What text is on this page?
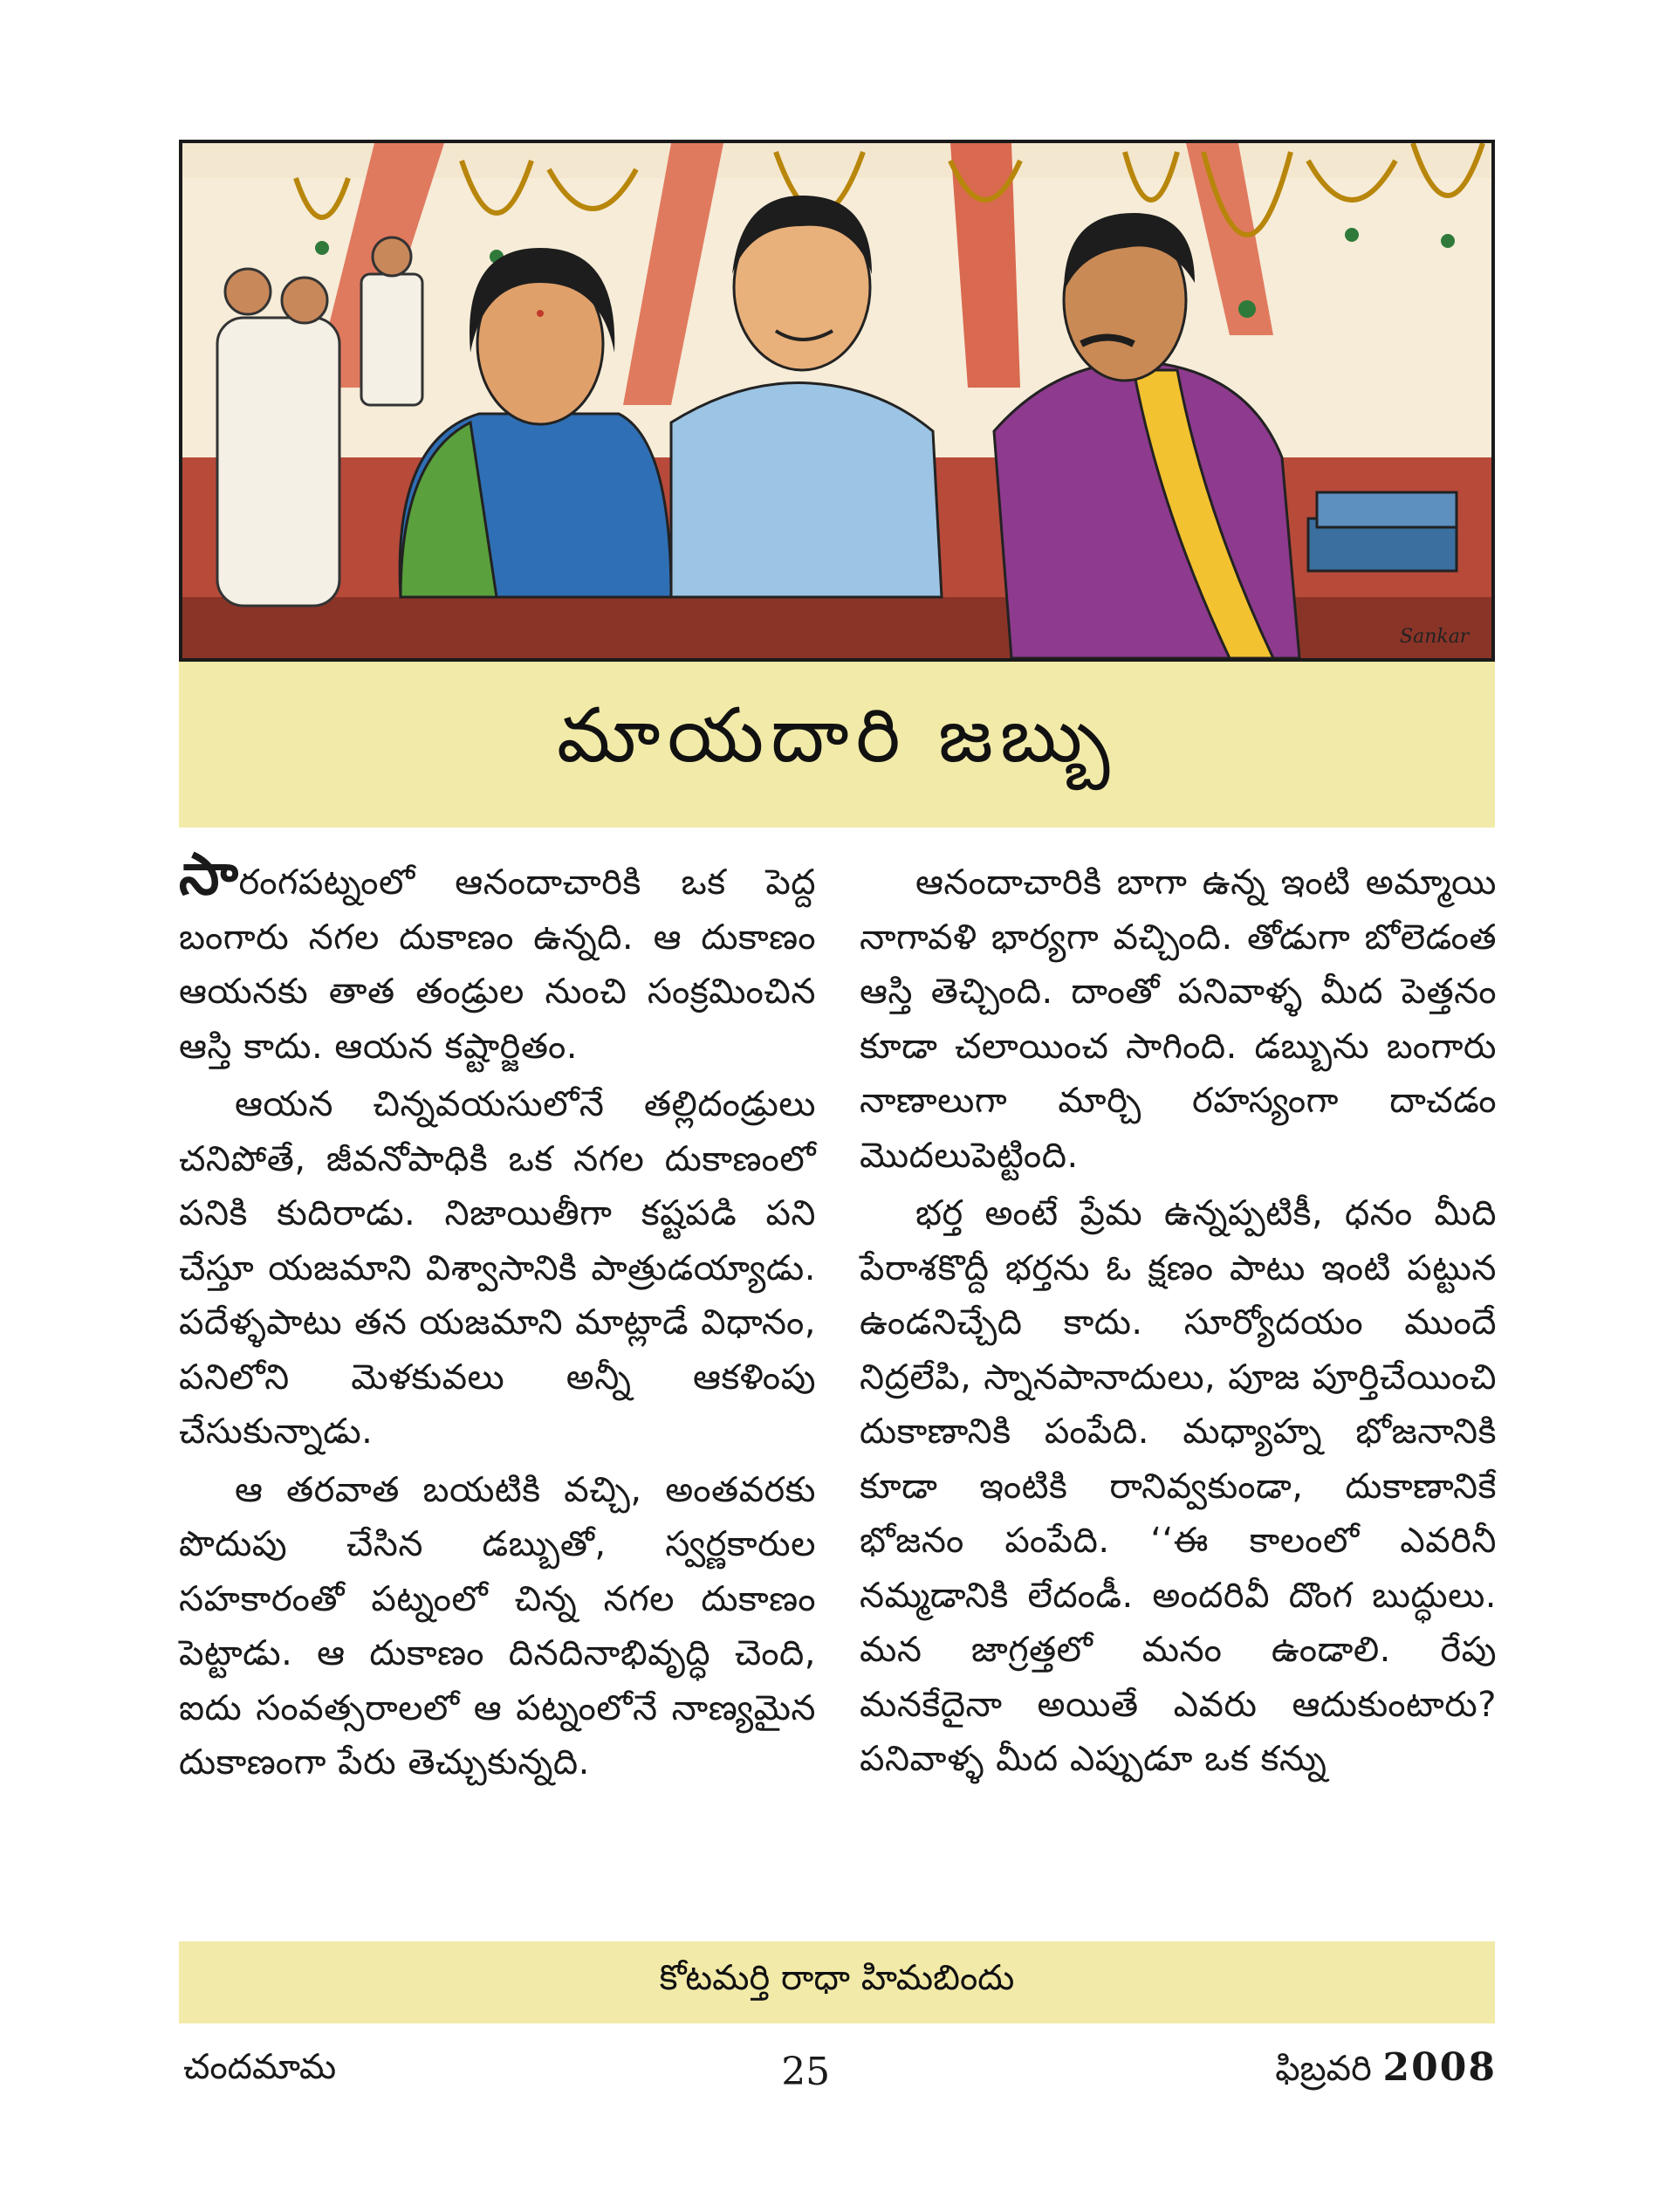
Sankar
మాయదారి జబ్బు

సారంగపట్నంలో ఆనందాచారికి ఒక పెద్ద బంగారు నగల దుకాణం ఉన్నది. ఆ దుకాణం ఆయనకు తాత తండ్రుల నుంచి సంక్రమించిన ఆస్తి కాదు. ఆయన కష్టార్జితం.

ఆయన చిన్నవయసులోనే తల్లిదండ్రులు చనిపోతే, జీవనోపాధికి ఒక నగల దుకాణంలో పనికి కుదిరాడు. నిజాయితీగా కష్టపడి పని చేస్తూ యజమాని విశ్వాసానికి పాత్రుడయ్యాడు. పదేళ్ళపాటు తన యజమాని మాట్లాడే విధానం, పనిలోని మెళకువలు అన్నీ ఆకళింపు చేసుకున్నాడు.

ఆ తరవాత బయటికి వచ్చి, అంతవరకు పొదుపు చేసిన డబ్బుతో, స్వర్ణకారుల సహకారంతో పట్నంలో చిన్న నగల దుకాణం పెట్టాడు. ఆ దుకాణం దినదినాభివృద్ధి చెంది, ఐదు సంవత్సరాలలో ఆ పట్నంలోనే నాణ్యమైన దుకాణంగా పేరు తెచ్చుకున్నది.

ఆనందాచారికి బాగా ఉన్న ఇంటి అమ్మాయి నాగావళి భార్యగా వచ్చింది. తోడుగా బోలెడంత ఆస్తి తెచ్చింది. దాంతో పనివాళ్ళ మీద పెత్తనం కూడా చలాయించ సాగింది. డబ్బును బంగారు నాణాలుగా మార్చి రహస్యంగా దాచడం మొదలుపెట్టింది.

భర్త అంటే ప్రేమ ఉన్నప్పటికీ, ధనం మీది పేరాశకొద్దీ భర్తను ఓ క్షణం పాటు ఇంటి పట్టున ఉండనిచ్చేది కాదు. సూర్యోదయం ముందే నిద్రలేపి, స్నానపానాదులు, పూజ పూర్తిచేయించి దుకాణానికి పంపేది. మధ్యాహ్న భోజనానికి కూడా ఇంటికి రానివ్వకుండా, దుకాణానికే భోజనం పంపేది. ‘‘ఈ కాలంలో ఎవరినీ నమ్మడానికి లేదండీ. అందరివీ దొంగ బుద్ధులు. మన జాగ్రత్తలో మనం ఉండాలి. రేపు మనకేదైనా అయితే ఎవరు ఆదుకుంటారు? పనివాళ్ళ మీద ఎప్పుడూ ఒక కన్ను

కోటమర్తి రాధా హిమబిందు
చందమామ	25	ఫిబ్రవరి 2008
